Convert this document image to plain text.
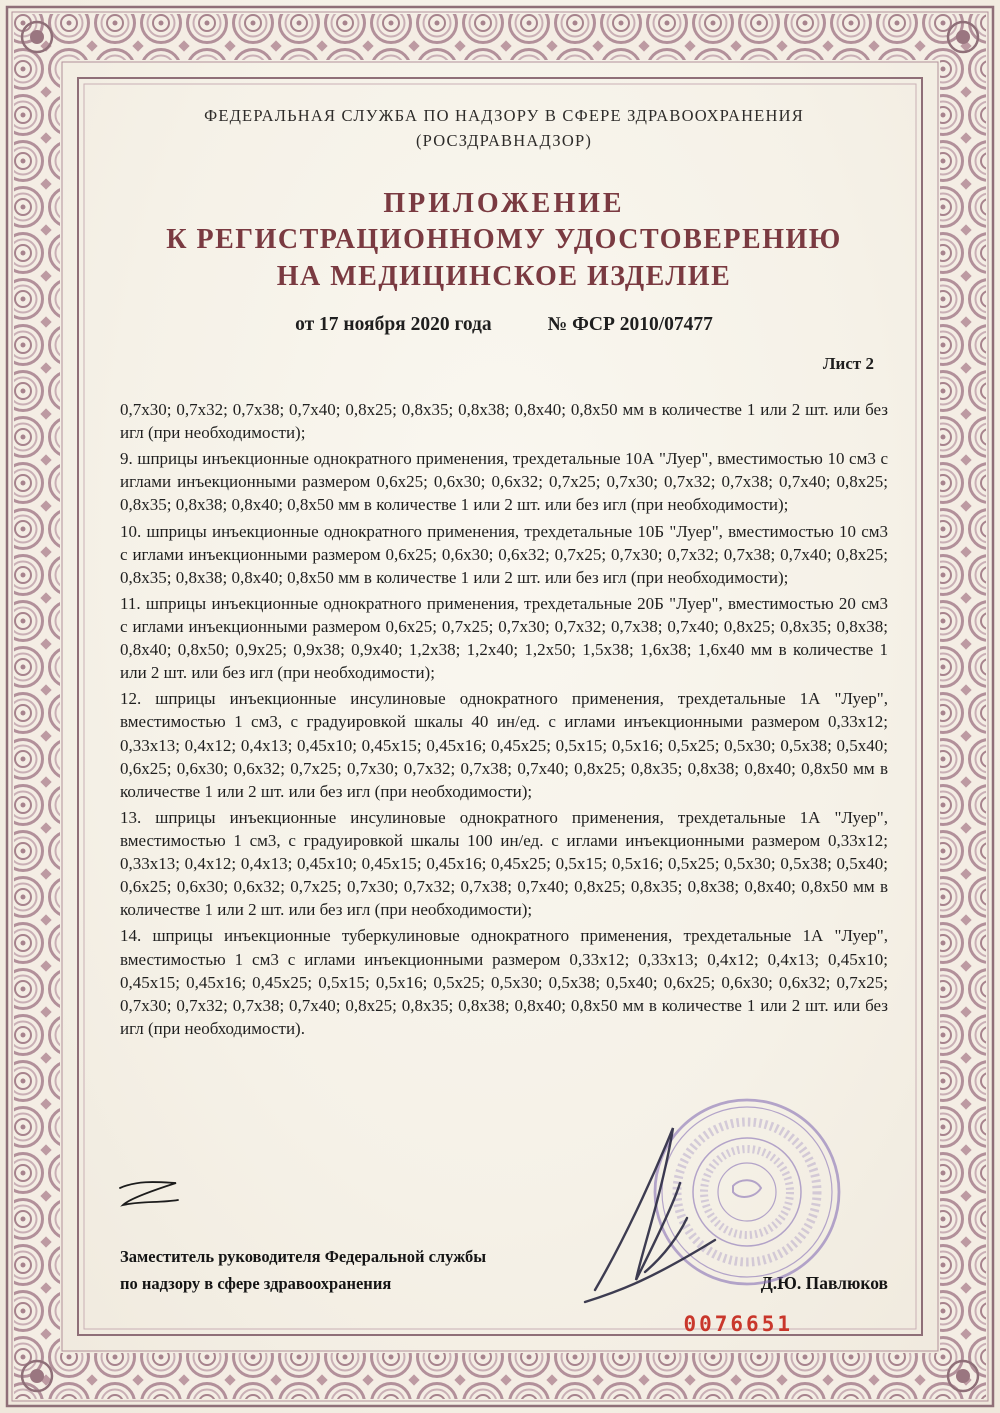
ФЕДЕРАЛЬНАЯ СЛУЖБА ПО НАДЗОРУ В СФЕРЕ ЗДРАВООХРАНЕНИЯ
(РОСЗДРАВНАДЗОР)
ПРИЛОЖЕНИЕ
К РЕГИСТРАЦИОННОМУ УДОСТОВЕРЕНИЮ
НА МЕДИЦИНСКОЕ ИЗДЕЛИЕ
от 17 ноября 2020 года	№ ФСР 2010/07477
Лист 2

0,7х30; 0,7х32; 0,7х38; 0,7х40; 0,8х25; 0,8х35; 0,8х38; 0,8х40; 0,8х50 мм в количестве 1 или 2 шт. или без игл (при необходимости);

9. шприцы инъекционные однократного применения, трехдетальные 10А "Луер", вместимостью 10 см3 с иглами инъекционными размером 0,6х25; 0,6х30; 0,6х32; 0,7х25; 0,7х30; 0,7х32; 0,7х38; 0,7х40; 0,8х25; 0,8х35; 0,8х38; 0,8х40; 0,8х50 мм в количестве 1 или 2 шт. или без игл (при необходимости);

10. шприцы инъекционные однократного применения, трехдетальные 10Б "Луер", вместимостью 10 см3 с иглами инъекционными размером 0,6х25; 0,6х30; 0,6х32; 0,7х25; 0,7х30; 0,7х32; 0,7х38; 0,7х40; 0,8х25; 0,8х35; 0,8х38; 0,8х40; 0,8х50 мм в количестве 1 или 2 шт. или без игл (при необходимости);

11. шприцы инъекционные однократного применения, трехдетальные 20Б "Луер", вместимостью 20 см3 с иглами инъекционными размером 0,6х25; 0,7х25; 0,7х30; 0,7х32; 0,7х38; 0,7х40; 0,8х25; 0,8х35; 0,8х38; 0,8х40; 0,8х50; 0,9х25; 0,9х38; 0,9х40; 1,2х38; 1,2х40; 1,2х50; 1,5х38; 1,6х38; 1,6х40 мм в количестве 1 или 2 шт. или без игл (при необходимости);

12. шприцы инъекционные инсулиновые однократного применения, трехдетальные 1А "Луер", вместимостью 1 см3, с градуировкой шкалы 40 ин/ед. с иглами инъекционными размером 0,33х12; 0,33х13; 0,4х12; 0,4х13; 0,45х10; 0,45х15; 0,45х16; 0,45х25; 0,5х15; 0,5х16; 0,5х25; 0,5х30; 0,5х38; 0,5х40; 0,6х25; 0,6х30; 0,6х32; 0,7х25; 0,7х30; 0,7х32; 0,7х38; 0,7х40; 0,8х25; 0,8х35; 0,8х38; 0,8х40; 0,8х50 мм в количестве 1 или 2 шт. или без игл (при необходимости);

13. шприцы инъекционные инсулиновые однократного применения, трехдетальные 1А "Луер", вместимостью 1 см3, с градуировкой шкалы 100 ин/ед. с иглами инъекционными размером 0,33х12; 0,33х13; 0,4х12; 0,4х13; 0,45х10; 0,45х15; 0,45х16; 0,45х25; 0,5х15; 0,5х16; 0,5х25; 0,5х30; 0,5х38; 0,5х40; 0,6х25; 0,6х30; 0,6х32; 0,7х25; 0,7х30; 0,7х32; 0,7х38; 0,7х40; 0,8х25; 0,8х35; 0,8х38; 0,8х40; 0,8х50 мм в количестве 1 или 2 шт. или без игл (при необходимости);

14. шприцы инъекционные туберкулиновые однократного применения, трехдетальные 1А "Луер", вместимостью 1 см3 с иглами инъекционными размером 0,33х12; 0,33х13; 0,4х12; 0,4х13; 0,45х10; 0,45х15; 0,45х16; 0,45х25; 0,5х15; 0,5х16; 0,5х25; 0,5х30; 0,5х38; 0,5х40; 0,6х25; 0,6х30; 0,6х32; 0,7х25; 0,7х30; 0,7х32; 0,7х38; 0,7х40; 0,8х25; 0,8х35; 0,8х38; 0,8х40; 0,8х50 мм в количестве 1 или 2 шт. или без игл (при необходимости).

Заместитель руководителя Федеральной службы
по надзору в сфере здравоохранения	Д.Ю. Павлюков
0076651
